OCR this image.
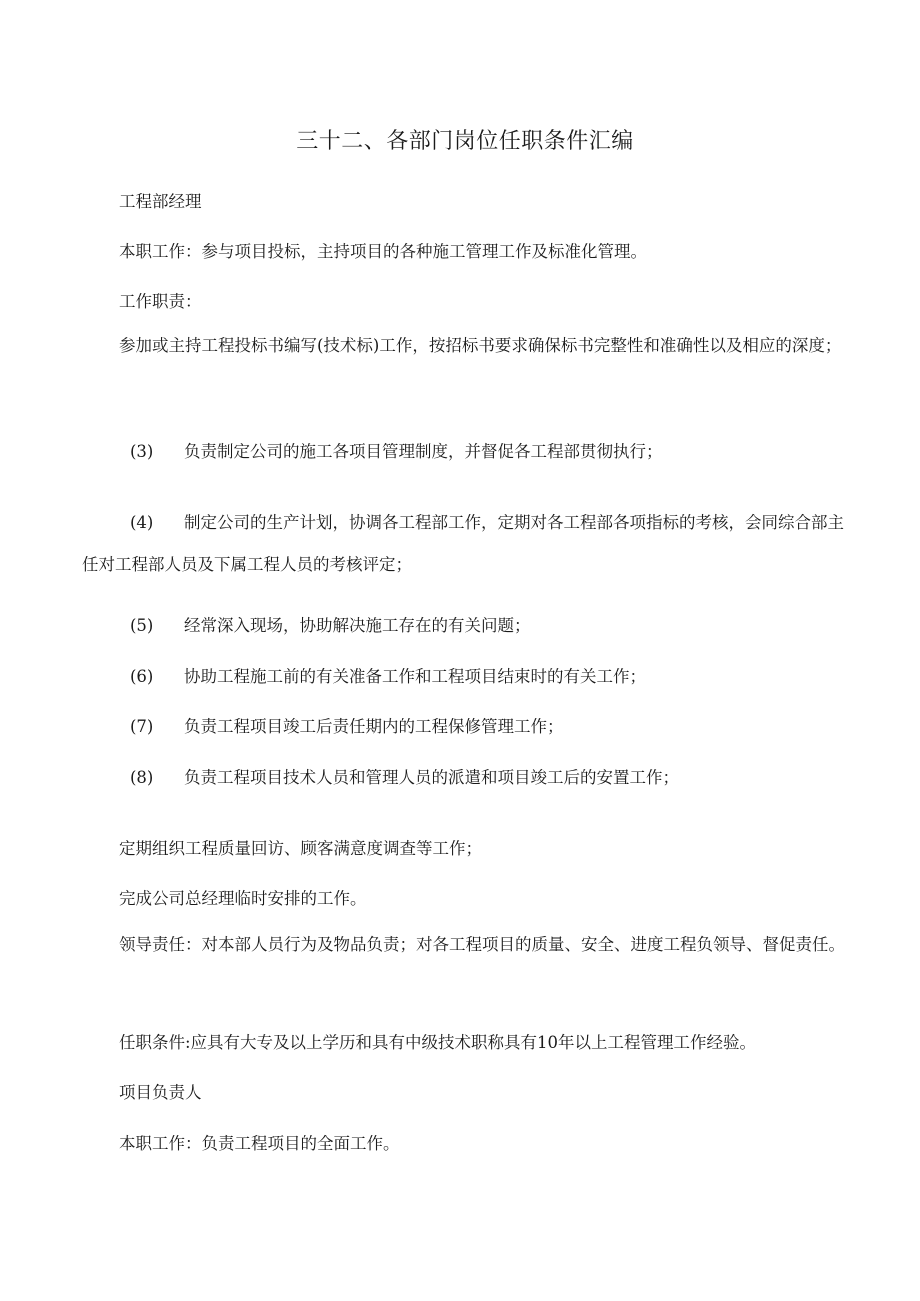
三十二、各部门岗位任职条件汇编

工程部经理

本职工作：参与项目投标，主持项目的各种施工管理工作及标准化管理。

工作职责：

参加或主持工程投标书编写(技术标)工作，按招标书要求确保标书完整性和准确性以及相应的深度；

(3) 负责制定公司的施工各项目管理制度，并督促各工程部贯彻执行；

(4) 制定公司的生产计划，协调各工程部工作，定期对各工程部各项指标的考核，会同综合部主任对工程部人员及下属工程人员的考核评定；

(5) 经常深入现场，协助解决施工存在的有关问题；

(6) 协助工程施工前的有关准备工作和工程项目结束时的有关工作；

(7) 负责工程项目竣工后责任期内的工程保修管理工作；

(8) 负责工程项目技术人员和管理人员的派遣和项目竣工后的安置工作；

定期组织工程质量回访、顾客满意度调查等工作；

完成公司总经理临时安排的工作。

领导责任：对本部人员行为及物品负责；对各工程项目的质量、安全、进度工程负领导、督促责任。

任职条件:应具有大专及以上学历和具有中级技术职称具有10年以上工程管理工作经验。

项目负责人

本职工作：负责工程项目的全面工作。
